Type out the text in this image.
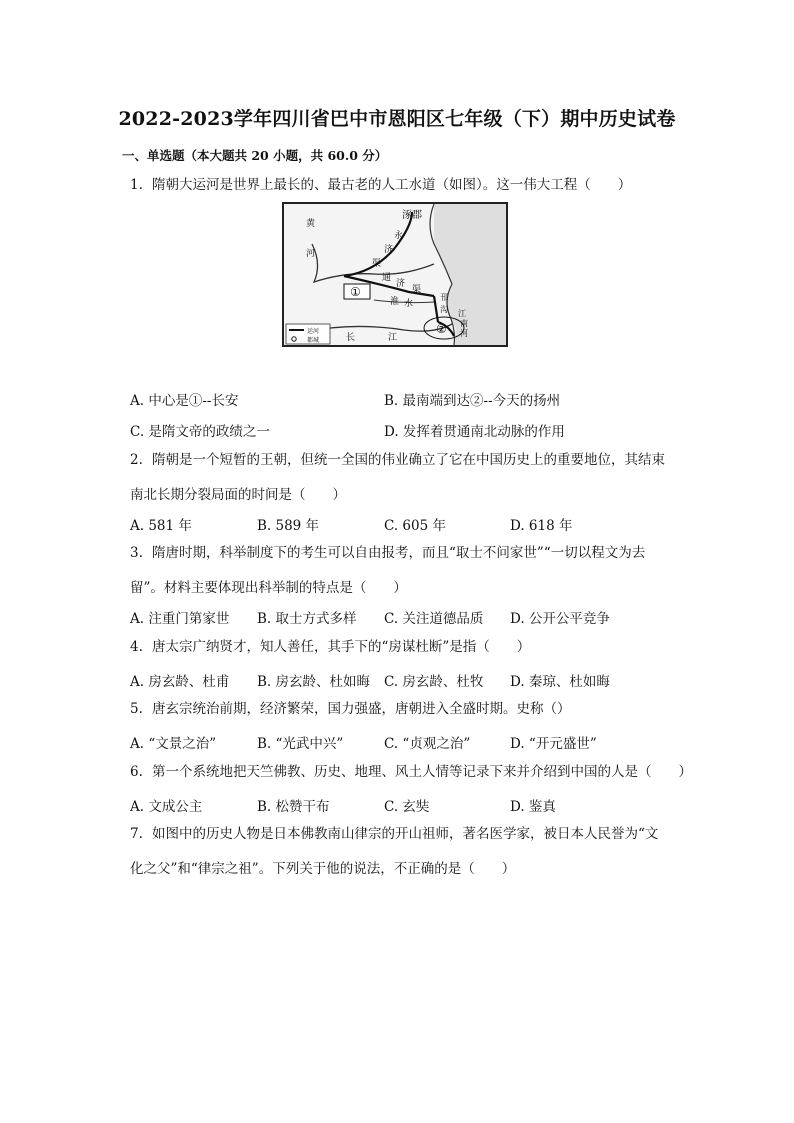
2022-2023学年四川省巴中市恩阳区七年级（下）期中历史试卷
一、单选题（本大题共 20 小题，共 60.0 分）
1. 隋朝大运河是世界上最长的、最古老的人工水道（如图）。这一伟大工程（　　）
涿郡
黄
河
永
济
渠
通
济
渠
淮 水
邗
沟 江
南
河
长	江
①
②
运河
都城
A. 中心是①--长安	B. 最南端到达②--今天的扬州
C. 是隋文帝的政绩之一	D. 发挥着贯通南北动脉的作用
2. 隋朝是一个短暂的王朝，但统一全国的伟业确立了它在中国历史上的重要地位，其结束
南北长期分裂局面的时间是（　　）
A. 581 年	B. 589 年	C. 605 年	D. 618 年
3. 隋唐时期，科举制度下的考生可以自由报考，而且“取士不问家世”“一切以程文为去
留”。材料主要体现出科举制的特点是（　　）
A. 注重门第家世 B. 取士方式多样 C. 关注道德品质 D. 公开公平竞争
4. 唐太宗广纳贤才，知人善任，其手下的“房谋杜断”是指（　　）
A. 房玄龄、杜甫 B. 房玄龄、杜如晦 C. 房玄龄、杜牧 D. 秦琼、杜如晦
5. 唐玄宗统治前期，经济繁荣，国力强盛，唐朝进入全盛时期。史称（）
A. “文景之治”	B. “光武中兴”	C. “贞观之治”	D. “开元盛世”
6. 第一个系统地把天竺佛教、历史、地理、风土人情等记录下来并介绍到中国的人是（　　）
A. 文成公主	B. 松赞干布	C. 玄奘	D. 鉴真
7. 如图中的历史人物是日本佛教南山律宗的开山祖师，著名医学家，被日本人民誉为“文
化之父”和“律宗之祖”。下列关于他的说法，不正确的是（　　）
